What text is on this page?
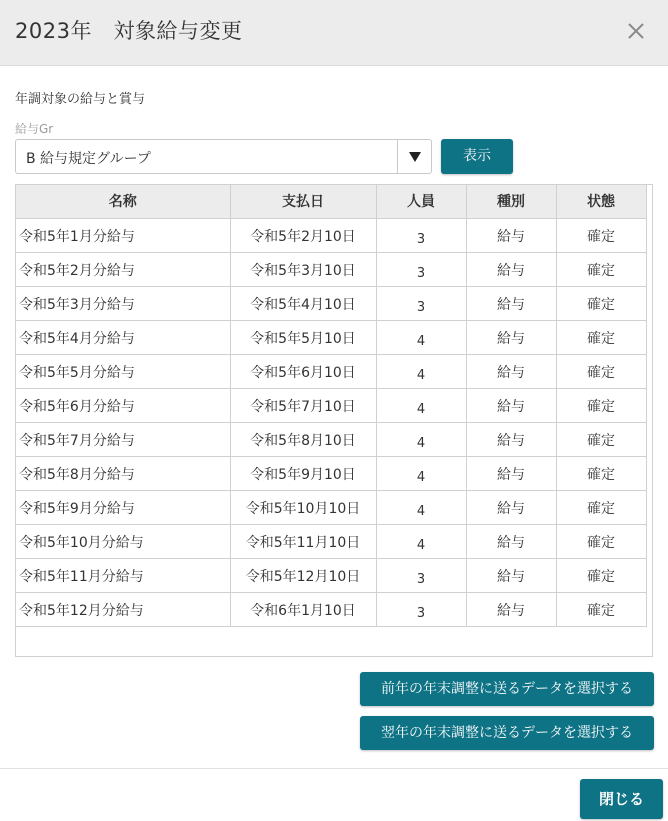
2023年　対象給与変更
年調対象の給与と賞与
給与Gr
B 給与規定グループ	表示
名称	支払日	人員	種別	状態
令和5年1月分給与	令和5年2月10日	3	給与	確定
令和5年2月分給与	令和5年3月10日	3	給与	確定
令和5年3月分給与	令和5年4月10日	3	給与	確定
令和5年4月分給与	令和5年5月10日	4	給与	確定
令和5年5月分給与	令和5年6月10日	4	給与	確定
令和5年6月分給与	令和5年7月10日	4	給与	確定
令和5年7月分給与	令和5年8月10日	4	給与	確定
令和5年8月分給与	令和5年9月10日	4	給与	確定
令和5年9月分給与	令和5年10月10日	4	給与	確定
令和5年10月分給与	令和5年11月10日	4	給与	確定
令和5年11月分給与	令和5年12月10日	3	給与	確定
令和5年12月分給与	令和6年1月10日	3	給与	確定
前年の年末調整に送るデータを選択する
翌年の年末調整に送るデータを選択する
閉じる
